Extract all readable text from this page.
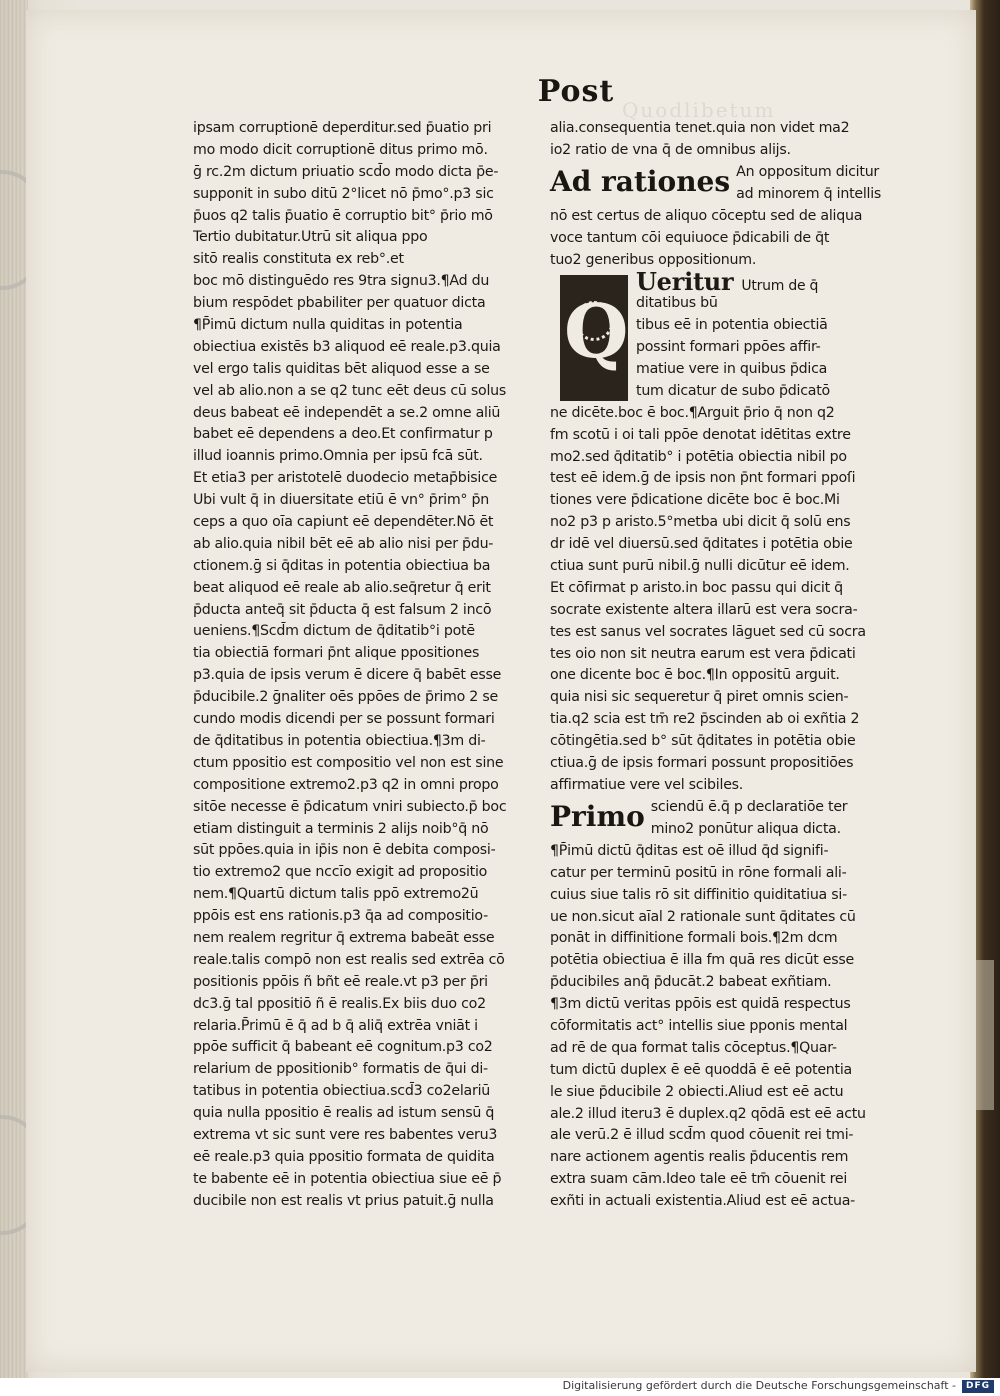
Post
Quodlibetum
ipsam corruptionē deperditur.sed p̄uatio pri
mo modo dicit corruptionē ditus primo mō.
ḡ rc.2m dictum priuatio scd̄o modo dicta p̄e-
supponit in subo ditū 2°licet nō p̄mo°.p3 sic
p̄uos q2 talis p̄uatio ē corruptio bit° p̄rio mō
Tertio dubitatur.Utrū sit aliqua ppo
sitō realis constituta ex reb°.et
boc mō distinguēdo res 9tra signu3.¶Ad du
bium respōdet pbabiliter per quatuor dicta
¶P̄imū dictum nulla quiditas in potentia
obiectiua existēs b3 aliquod eē reale.p3.quia
vel ergo talis quiditas bēt aliquod esse a se
vel ab alio.non a se q2 tunc eēt deus cū solus
deus babeat eē independēt a se.2 omne aliū
babet eē dependens a deo.Et confirmatur p
illud ioannis primo.Omnia per ipsū fcā sūt.
Et etia3 per aristotelē duodecio metap̄bisice
Ubi vult q̄ in diuersitate etiū ē vn° p̄rim° p̄n
ceps a quo oīa capiunt eē dependēter.Nō ēt
ab alio.quia nibil bēt eē ab alio nisi per p̄du-
ctionem.ḡ si q̄ditas in potentia obiectiua ba
beat aliquod eē reale ab alio.seq̄retur q̄ erit
p̄ducta anteq̄ sit p̄ducta q̄ est falsum 2 incō
ueniens.¶Scd̄m dictum de q̄ditatib°i potē
tia obiectiā formari p̄nt alique ppositiones
p3.quia de ipsis verum ē dicere q̄ babēt esse
p̄ducibile.2 ḡnaliter oēs ppōes de p̄rimo 2 se
cundo modis dicendi per se possunt formari
de q̄ditatibus in potentia obiectiua.¶3m di-
ctum ppositio est compositio vel non est sine
compositione extremo2.p3 q2 in omni propo
sitōe necesse ē p̄dicatum vniri subiecto.p̄ boc
etiam distinguit a terminis 2 alijs noib°q̄ nō
sūt ppōes.quia in ip̄is non ē debita composi-
tio extremo2 que nccīo exigit ad propositio
nem.¶Quartū dictum talis ppō extremo2ū
ppōis est ens rationis.p3 q̄a ad compositio-
nem realem regritur q̄ extrema babeāt esse
reale.talis compō non est realis sed extrēa cō
positionis ppōis ñ bñt eē reale.vt p3 per p̄ri
dc3.ḡ tal ppositiō ñ ē realis.Ex biis duo co2
relaria.P̄rimū ē q̄ ad b q̄ aliq̄ extrēa vniāt i
ppōe sufficit q̄ babeant eē cognitum.p3 co2
relarium de ppositionib° formatis de q̄ui di-
tatibus in potentia obiectiua.scd̄3 co2elariū
quia nulla ppositio ē realis ad istum sensū q̄
extrema vt sic sunt vere res babentes veru3
eē reale.p3 quia ppositio formata de quidita
te babente eē in potentia obiectiua siue eē p̄
ducibile non est realis vt prius patuit.ḡ nulla
alia.consequentia tenet.quia non videt ma2
io2 ratio de vna q̄ de omnibus alijs.
Ad rationes An oppositum dicitur
ad minorem q̄ intellis
nō est certus de aliquo cōceptu sed de aliqua
voce tantum cōi equiuoce p̄dicabili de q̄t
tuo2 generibus oppositionum.
Q
Ueritur Utrum de q̄
ditatibus bū
tibus eē in potentia obiectiā
possint formari ppōes affir-
matiue vere in quibus p̄dica
tum dicatur de subo p̄dicatō
ne dicēte.boc ē boc.¶Arguit p̄rio q̄ non q2
fm scotū i oi tali ppōe denotat idētitas extre
mo2.sed q̄ditatib° i potētia obiectia nibil po
test eē idem.ḡ de ipsis non p̄nt formari ppoſi
tiones vere p̄dicatione dicēte boc ē boc.Mi
no2 p3 p aristo.5°metba ubi dicit q̄ solū ens
dr idē vel diuersū.sed q̄ditates i potētia obie
ctiua sunt purū nibil.ḡ nulli dicūtur eē idem.
Et cōfirmat p aristo.in boc passu qui dicit q̄
socrate existente altera illarū est vera socra-
tes est sanus vel socrates lāguet sed cū socra
tes oio non sit neutra earum est vera p̄dicati
one dicente boc ē boc.¶In oppositū arguit.
quia nisi sic sequeretur q̄ piret omnis scien-
tia.q2 scia est tm̄ re2 p̄scinden ab oi exñtia 2
cōtingētia.sed b° sūt q̄ditates in potētia obie
ctiua.ḡ de ipsis formari possunt propositiōes
affirmatiue vere vel scibiles.
Primo sciendū ē.q̄ p declaratiōe ter
mino2 ponūtur aliqua dicta.
¶P̄imū dictū q̄ditas est oē illud q̄d signifi-
catur per terminū positū in rōne formali ali-
cuius siue talis rō sit diffinitio quiditatiua si-
ue non.sicut aīal 2 rationale sunt q̄ditates cū
ponāt in diffinitione formali bois.¶2m dcm
potētia obiectiua ē illa fm quā res dicūt esse
p̄ducibiles anq̄ p̄ducāt.2 babeat exñtiam.
¶3m dictū veritas ppōis est quidā respectus
cōformitatis act° intellis siue pponis mental
ad rē de qua format talis cōceptus.¶Quar-
tum dictū duplex ē eē quoddā ē eē potentia
le siue p̄ducibile 2 obiecti.Aliud est eē actu
ale.2 illud iteru3 ē duplex.q2 qōdā est eē actu
ale verū.2 ē illud scd̄m quod cōuenit rei tmi-
nare actionem agentis realis p̄ducentis rem
extra suam cām.Ideo tale eē tm̄ cōuenit rei
exñti in actuali existentia.Aliud est eē actua-
Digitalisierung gefördert durch die Deutsche Forschungsgemeinschaft -	DFG
